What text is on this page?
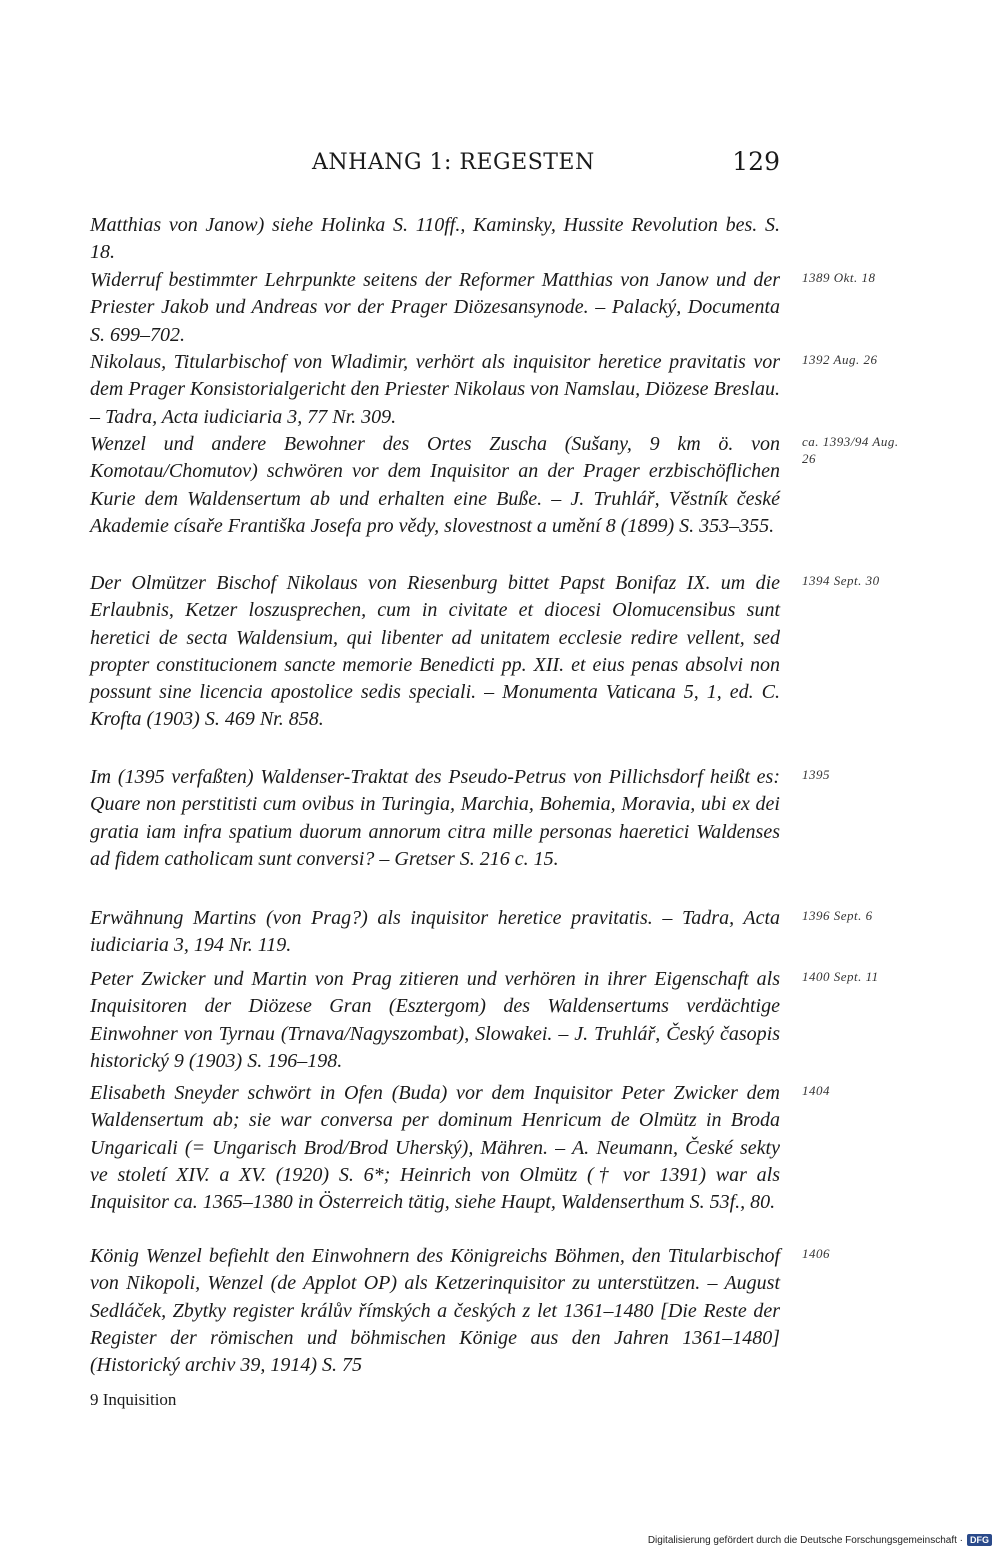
ANHANG 1: REGESTEN	129
Matthias von Janow) siehe Holinka S. 110ff., Kaminsky, Hussite Revolution bes. S. 18.
Widerruf bestimmter Lehrpunkte seitens der Reformer Matthias von Janow und der Priester Jakob und Andreas vor der Prager Diözesansynode. – Palacký, Documenta S. 699–702.
1389 Okt. 18
Nikolaus, Titularbischof von Wladimir, verhört als inquisitor heretice pravitatis vor dem Prager Konsistorialgericht den Priester Nikolaus von Namslau, Diözese Breslau. – Tadra, Acta iudiciaria 3, 77 Nr. 309.
1392 Aug. 26
Wenzel und andere Bewohner des Ortes Zuscha (Sušany, 9 km ö. von Komotau/Chomutov) schwören vor dem Inquisitor an der Prager erzbischöflichen Kurie dem Waldensertum ab und erhalten eine Buße. – J. Truhlář, Věstník české Akademie císaře Františka Josefa pro vědy, slovestnost a umění 8 (1899) S. 353–355.
ca. 1393/94 Aug. 26
Der Olmützer Bischof Nikolaus von Riesenburg bittet Papst Bonifaz IX. um die Erlaubnis, Ketzer loszusprechen, cum in civitate et diocesi Olomucensibus sunt heretici de secta Waldensium, qui libenter ad unitatem ecclesie redire vellent, sed propter constitucionem sancte memorie Benedicti pp. XII. et eius penas absolvi non possunt sine licencia apostolice sedis speciali. – Monumenta Vaticana 5, 1, ed. C. Krofta (1903) S. 469 Nr. 858.
1394 Sept. 30
Im (1395 verfaßten) Waldenser-Traktat des Pseudo-Petrus von Pillichsdorf heißt es: Quare non perstitisti cum ovibus in Turingia, Marchia, Bohemia, Moravia, ubi ex dei gratia iam infra spatium duorum annorum citra mille personas haeretici Waldenses ad fidem catholicam sunt conversi? – Gretser S. 216 c. 15.
1395
Erwähnung Martins (von Prag?) als inquisitor heretice pravitatis. – Tadra, Acta iudiciaria 3, 194 Nr. 119.
1396 Sept. 6
Peter Zwicker und Martin von Prag zitieren und verhören in ihrer Eigenschaft als Inquisitoren der Diözese Gran (Esztergom) des Waldensertums verdächtige Einwohner von Tyrnau (Trnava/Nagyszombat), Slowakei. – J. Truhlář, Český časopis historický 9 (1903) S. 196–198.
1400 Sept. 11
Elisabeth Sneyder schwört in Ofen (Buda) vor dem Inquisitor Peter Zwicker dem Waldensertum ab; sie war conversa per dominum Henricum de Olmütz in Broda Ungaricali (= Ungarisch Brod/Brod Uherský), Mähren. – A. Neumann, České sekty ve století XIV. a XV. (1920) S. 6*; Heinrich von Olmütz († vor 1391) war als Inquisitor ca. 1365–1380 in Österreich tätig, siehe Haupt, Waldenserthum S. 53f., 80.
1404
König Wenzel befiehlt den Einwohnern des Königreichs Böhmen, den Titularbischof von Nikopoli, Wenzel (de Applot OP) als Ketzerinquisitor zu unterstützen. – August Sedláček, Zbytky register králův římských a českých z let 1361–1480 [Die Reste der Register der römischen und böhmischen Könige aus den Jahren 1361–1480] (Historický archiv 39, 1914) S. 75
1406
9 Inquisition
Digitalisierung gefördert durch die Deutsche Forschungsgemeinschaft · DFG
